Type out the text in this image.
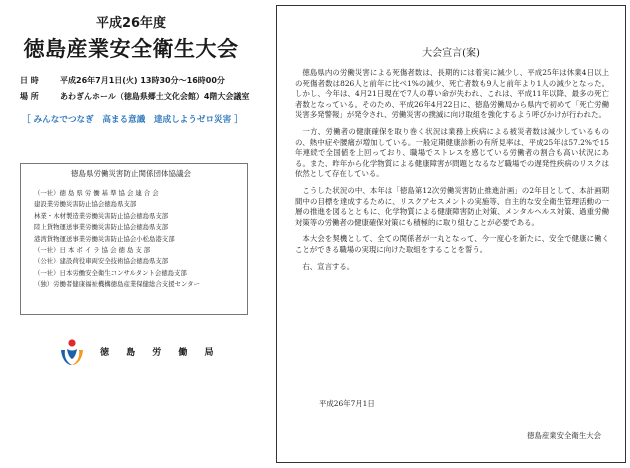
平成26年度
徳島産業安全衛生大会
日 時	平成26年7月1日(火) 13時30分～16時00分
場 所	あわぎんホール（徳島県郷土文化会館）4階大会議室
［ みんなでつなぎ　高まる意識　達成しようゼロ災害 ］
徳島県労働災害防止関係団体協議会
（一社）徳 島 県 労 働 基 準 協 会 連 合 会
建設業労働災害防止協会徳島県支部
林業・木材製造業労働災害防止協会徳島県支部
陸上貨物運送事業労働災害防止協会徳島県支部
港湾貨物運送事業労働災害防止協会小松島港支部
（一社）日 本 ボ イ ラ 協 会 徳 島 支 部
（公社）建設荷役車両安全技術協会徳島県支部
（一社）日本労働安全衛生コンサルタント会徳島支部
（独）労働者健康福祉機構徳島産業保健総合支援センター
徳 島 労 働 局
大会宣言(案)

徳島県内の労働災害による死傷者数は、長期的には着実に減少し、平成25年は休業4日以上の死傷者数は826人と前年に比べ1%の減少、死亡者数も9人と前年より1人の減少となった。しかし、今年は、4月21日現在で7人の尊い命が失われ、これは、平成11年以降、最多の死亡者数となっている。そのため、平成26年4月22日に、徳島労働局から県内で初めて「死亡労働災害多発警報」が発令され、労働災害の撲滅に向け取組を強化するよう呼びかけが行われた。

一方、労働者の健康確保を取り巻く状況は業務上疾病による被災者数は減少しているものの、熱中症や腰痛が増加している。一般定期健康診断の有所見率は、平成25年は57.2%で15年連続で全国値を上回っており、職場でストレスを感じている労働者の割合も高い状況にある。また、昨年から化学物質による健康障害が問題となるなど職場での遅発性疾病のリスクは依然として存在している。

こうした状況の中、本年は「徳島第12次労働災害防止推進計画」の2年目として、本計画期間中の目標を達成するために、リスクアセスメントの実施等、自主的な安全衛生管理活動の一層の推進を図るとともに、化学物質による健康障害防止対策、メンタルヘルス対策、過重労働対策等の労働者の健康確保対策にも積極的に取り組むことが必要である。

本大会を契機として、全ての関係者が一丸となって、今一度心を新たに、安全で健康に働くことができる職場の実現に向けた取組をすることを誓う。

右、宣言する。

平成26年7月1日
徳島産業安全衛生大会
